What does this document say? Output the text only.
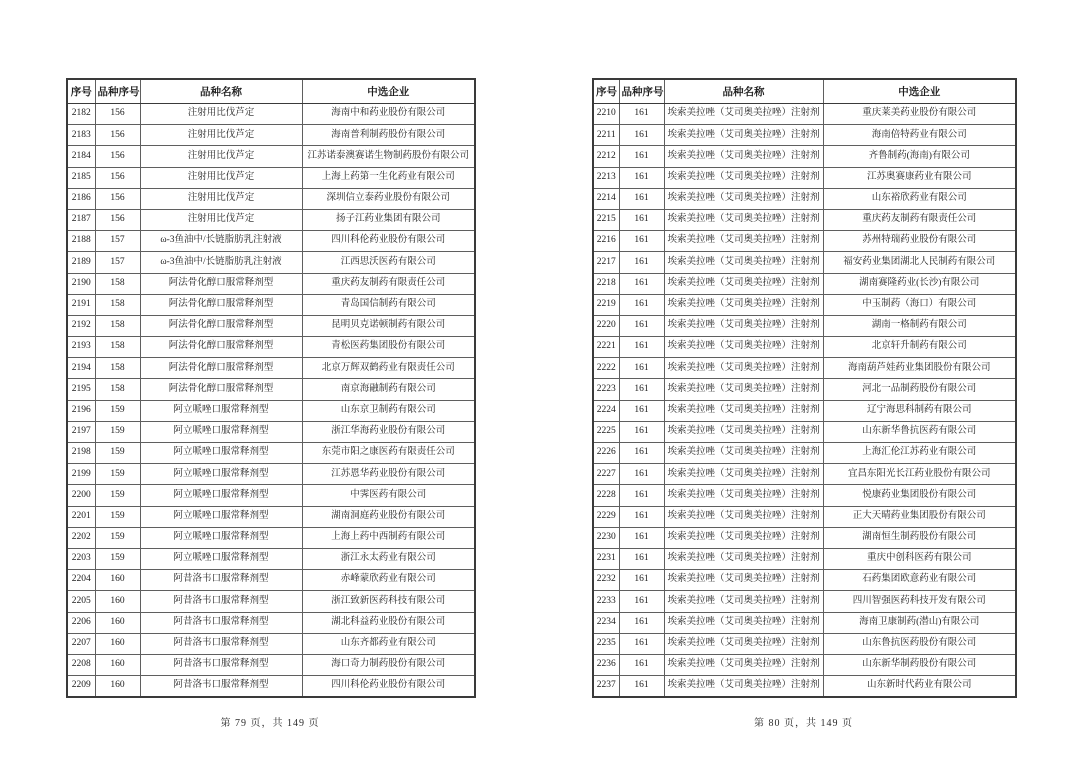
序号	品种序号	品种名称	中选企业
2182	156	注射用比伐芦定	海南中和药业股份有限公司
2183	156	注射用比伐芦定	海南普利制药股份有限公司
2184	156	注射用比伐芦定	江苏诺泰澳赛诺生物制药股份有限公司
2185	156	注射用比伐芦定	上海上药第一生化药业有限公司
2186	156	注射用比伐芦定	深圳信立泰药业股份有限公司
2187	156	注射用比伐芦定	扬子江药业集团有限公司
2188	157	ω-3鱼油中/长链脂肪乳注射液	四川科伦药业股份有限公司
2189	157	ω-3鱼油中/长链脂肪乳注射液	江西思沃医药有限公司
2190	158	阿法骨化醇口服常释剂型	重庆药友制药有限责任公司
2191	158	阿法骨化醇口服常释剂型	青岛国信制药有限公司
2192	158	阿法骨化醇口服常释剂型	昆明贝克诺顿制药有限公司
2193	158	阿法骨化醇口服常释剂型	青松医药集团股份有限公司
2194	158	阿法骨化醇口服常释剂型	北京万辉双鹤药业有限责任公司
2195	158	阿法骨化醇口服常释剂型	南京海融制药有限公司
2196	159	阿立哌唑口服常释剂型	山东京卫制药有限公司
2197	159	阿立哌唑口服常释剂型	浙江华海药业股份有限公司
2198	159	阿立哌唑口服常释剂型	东莞市阳之康医药有限责任公司
2199	159	阿立哌唑口服常释剂型	江苏恩华药业股份有限公司
2200	159	阿立哌唑口服常释剂型	中霁医药有限公司
2201	159	阿立哌唑口服常释剂型	湖南洞庭药业股份有限公司
2202	159	阿立哌唑口服常释剂型	上海上药中西制药有限公司
2203	159	阿立哌唑口服常释剂型	浙江永太药业有限公司
2204	160	阿昔洛韦口服常释剂型	赤峰蒙欣药业有限公司
2205	160	阿昔洛韦口服常释剂型	浙江致新医药科技有限公司
2206	160	阿昔洛韦口服常释剂型	湖北科益药业股份有限公司
2207	160	阿昔洛韦口服常释剂型	山东齐都药业有限公司
2208	160	阿昔洛韦口服常释剂型	海口奇力制药股份有限公司
2209	160	阿昔洛韦口服常释剂型	四川科伦药业股份有限公司
第 79 页，共 149 页
序号	品种序号	品种名称	中选企业
2210	161	埃索美拉唑（艾司奥美拉唑）注射剂	重庆莱美药业股份有限公司
2211	161	埃索美拉唑（艾司奥美拉唑）注射剂	海南倍特药业有限公司
2212	161	埃索美拉唑（艾司奥美拉唑）注射剂	齐鲁制药(海南)有限公司
2213	161	埃索美拉唑（艾司奥美拉唑）注射剂	江苏奥赛康药业有限公司
2214	161	埃索美拉唑（艾司奥美拉唑）注射剂	山东裕欣药业有限公司
2215	161	埃索美拉唑（艾司奥美拉唑）注射剂	重庆药友制药有限责任公司
2216	161	埃索美拉唑（艾司奥美拉唑）注射剂	苏州特瑞药业股份有限公司
2217	161	埃索美拉唑（艾司奥美拉唑）注射剂	福安药业集团湖北人民制药有限公司
2218	161	埃索美拉唑（艾司奥美拉唑）注射剂	湖南赛隆药业(长沙)有限公司
2219	161	埃索美拉唑（艾司奥美拉唑）注射剂	中玉制药（海口）有限公司
2220	161	埃索美拉唑（艾司奥美拉唑）注射剂	湖南一格制药有限公司
2221	161	埃索美拉唑（艾司奥美拉唑）注射剂	北京轩升制药有限公司
2222	161	埃索美拉唑（艾司奥美拉唑）注射剂	海南葫芦娃药业集团股份有限公司
2223	161	埃索美拉唑（艾司奥美拉唑）注射剂	河北一品制药股份有限公司
2224	161	埃索美拉唑（艾司奥美拉唑）注射剂	辽宁海思科制药有限公司
2225	161	埃索美拉唑（艾司奥美拉唑）注射剂	山东新华鲁抗医药有限公司
2226	161	埃索美拉唑（艾司奥美拉唑）注射剂	上海汇伦江苏药业有限公司
2227	161	埃索美拉唑（艾司奥美拉唑）注射剂	宜昌东阳光长江药业股份有限公司
2228	161	埃索美拉唑（艾司奥美拉唑）注射剂	悦康药业集团股份有限公司
2229	161	埃索美拉唑（艾司奥美拉唑）注射剂	正大天晴药业集团股份有限公司
2230	161	埃索美拉唑（艾司奥美拉唑）注射剂	湖南恒生制药股份有限公司
2231	161	埃索美拉唑（艾司奥美拉唑）注射剂	重庆中创科医药有限公司
2232	161	埃索美拉唑（艾司奥美拉唑）注射剂	石药集团欧意药业有限公司
2233	161	埃索美拉唑（艾司奥美拉唑）注射剂	四川智强医药科技开发有限公司
2234	161	埃索美拉唑（艾司奥美拉唑）注射剂	海南卫康制药(潜山)有限公司
2235	161	埃索美拉唑（艾司奥美拉唑）注射剂	山东鲁抗医药股份有限公司
2236	161	埃索美拉唑（艾司奥美拉唑）注射剂	山东新华制药股份有限公司
2237	161	埃索美拉唑（艾司奥美拉唑）注射剂	山东新时代药业有限公司
第 80 页，共 149 页
